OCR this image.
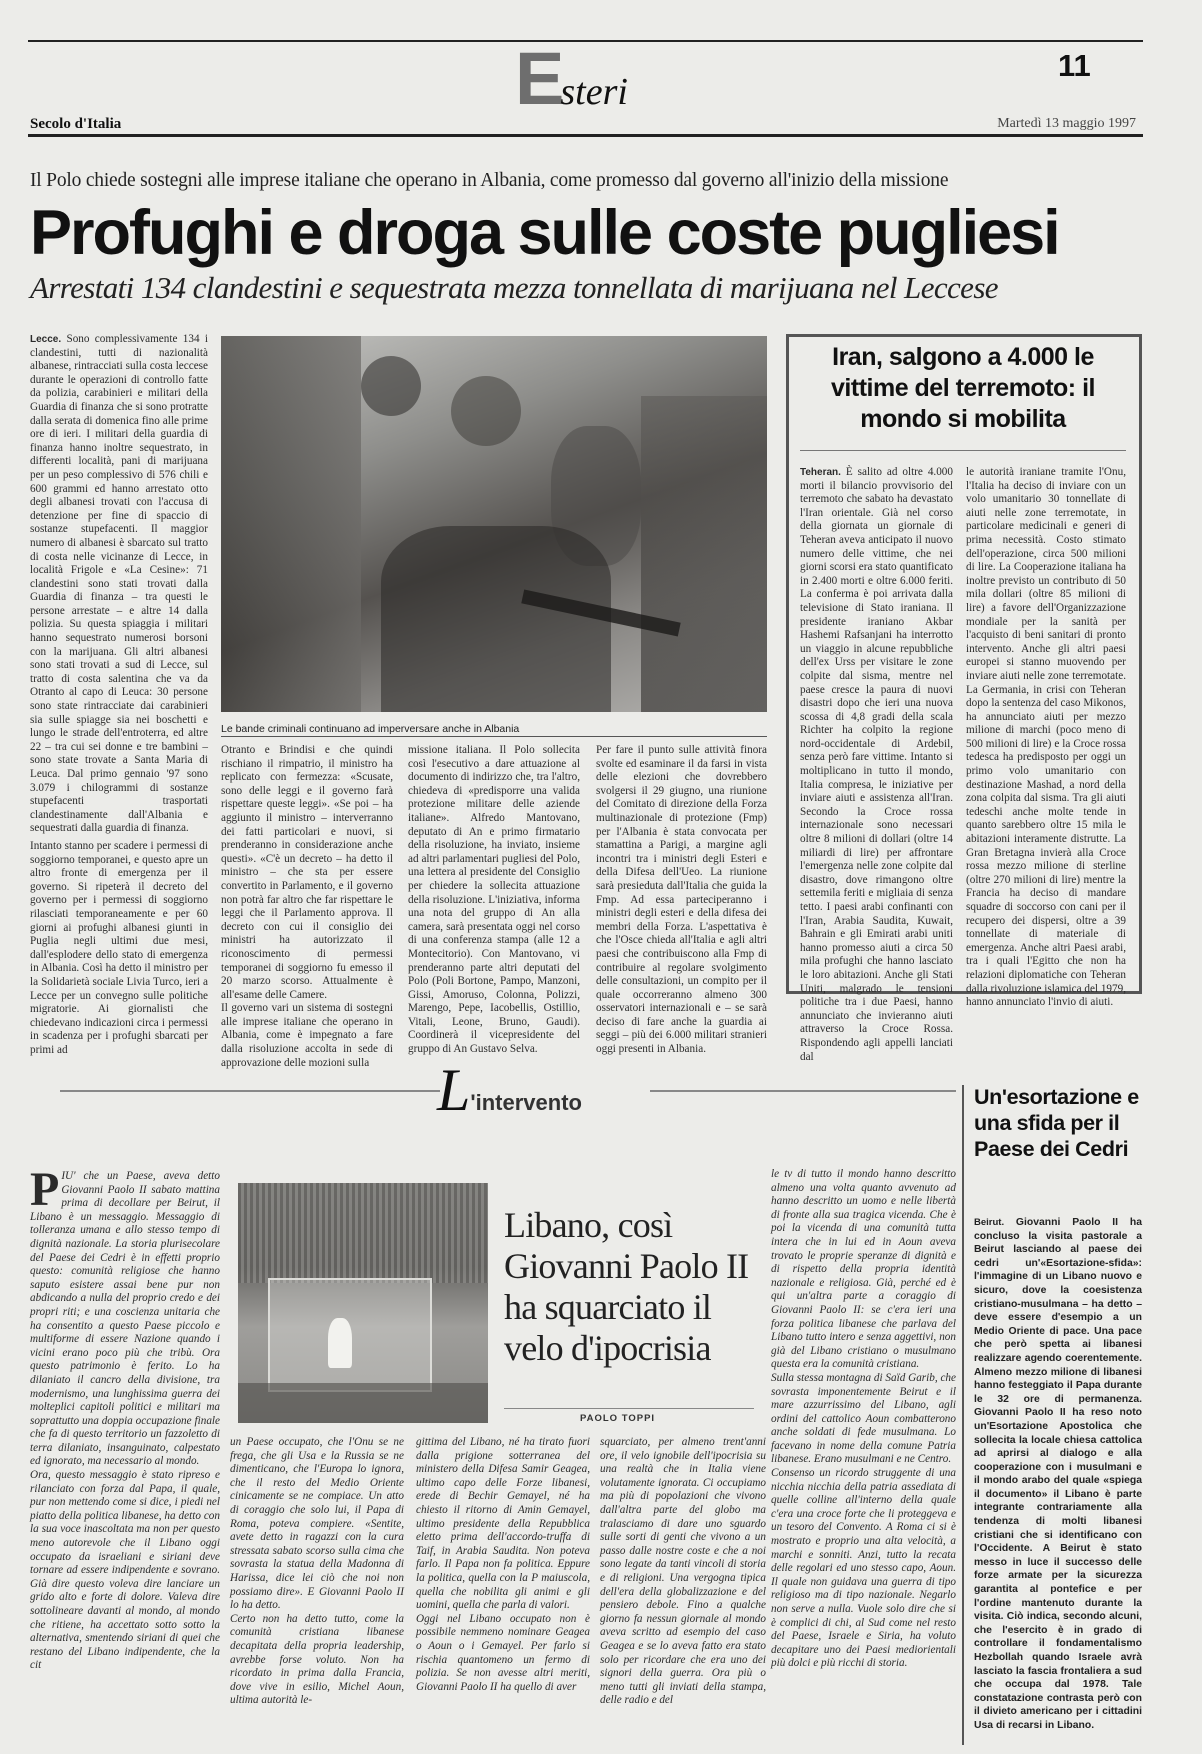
Esteri
11
Secolo d'Italia	Martedì 13 maggio 1997
Il Polo chiede sostegni alle imprese italiane che operano in Albania, come promesso dal governo all'inizio della missione
Profughi e droga sulle coste pugliesi
Arrestati 134 clandestini e sequestrata mezza tonnellata di marijuana nel Leccese

Lecce. Sono complessivamente 134 i clandestini, tutti di nazionalità albanese, rintracciati sulla costa leccese durante le operazioni di controllo fatte da polizia, carabinieri e militari della Guardia di finanza che si sono protratte dalla serata di domenica fino alle prime ore di ieri. I militari della guardia di finanza hanno inoltre sequestrato, in differenti località, pani di marijuana per un peso complessivo di 576 chili e 600 grammi ed hanno arrestato otto degli albanesi trovati con l'accusa di detenzione per fine di spaccio di sostanze stupefacenti. Il maggior numero di albanesi è sbarcato sul tratto di costa nelle vicinanze di Lecce, in località Frigole e «La Cesine»: 71 clandestini sono stati trovati dalla Guardia di finanza – tra questi le persone arrestate – e altre 14 dalla polizia. Su questa spiaggia i militari hanno sequestrato numerosi borsoni con la marijuana. Gli altri albanesi sono stati trovati a sud di Lecce, sul tratto di costa salentina che va da Otranto al capo di Leuca: 30 persone sono state rintracciate dai carabinieri sia sulle spiagge sia nei boschetti e lungo le strade dell'entroterra, ed altre 22 – tra cui sei donne e tre bambini – sono state trovate a Santa Maria di Leuca. Dal primo gennaio '97 sono 3.079 i chilogrammi di sostanze stupefacenti trasportati clandestinamente dall'Albania e sequestrati dalla guardia di finanza.

Intanto stanno per scadere i permessi di soggiorno temporanei, e questo apre un altro fronte di emergenza per il governo. Si ripeterà il decreto del governo per i permessi di soggiorno rilasciati temporaneamente e per 60 giorni ai profughi albanesi giunti in Puglia negli ultimi due mesi, dall'esplodere dello stato di emergenza in Albania. Così ha detto il ministro per la Solidarietà sociale Livia Turco, ieri a Lecce per un convegno sulle politiche migratorie. Ai giornalisti che chiedevano indicazioni circa i permessi in scadenza per i profughi sbarcati per primi ad

Le bande criminali continuano ad imperversare anche in Albania

Otranto e Brindisi e che quindi rischiano il rimpatrio, il ministro ha replicato con fermezza: «Scusate, sono delle leggi e il governo farà rispettare queste leggi». «Se poi – ha aggiunto il ministro – interverranno dei fatti particolari e nuovi, si prenderanno in considerazione anche questi». «C'è un decreto – ha detto il ministro – che sta per essere convertito in Parlamento, e il governo non potrà far altro che far rispettare le leggi che il Parlamento approva. Il decreto con cui il consiglio dei ministri ha autorizzato il riconoscimento di permessi temporanei di soggiorno fu emesso il 20 marzo scorso. Attualmente è all'esame delle Camere.
Il governo vari un sistema di sostegni alle imprese italiane che operano in Albania, come è impegnato a fare dalla risoluzione accolta in sede di approvazione delle mozioni sulla

missione italiana. Il Polo sollecita così l'esecutivo a dare attuazione al documento di indirizzo che, tra l'altro, chiedeva di «predisporre una valida protezione militare delle aziende italiane». Alfredo Mantovano, deputato di An e primo firmatario della risoluzione, ha inviato, insieme ad altri parlamentari pugliesi del Polo, una lettera al presidente del Consiglio per chiedere la sollecita attuazione della risoluzione. L'iniziativa, informa una nota del gruppo di An alla camera, sarà presentata oggi nel corso di una conferenza stampa (alle 12 a Montecitorio). Con Mantovano, vi prenderanno parte altri deputati del Polo (Poli Bortone, Pampo, Manzoni, Gissi, Amoruso, Colonna, Polizzi, Marengo, Pepe, Iacobellis, Ostillio, Vitali, Leone, Bruno, Gaudi). Coordinerà il vicepresidente del gruppo di An Gustavo Selva.

Per fare il punto sulle attività finora svolte ed esaminare il da farsi in vista delle elezioni che dovrebbero svolgersi il 29 giugno, una riunione del Comitato di direzione della Forza multinazionale di protezione (Fmp) per l'Albania è stata convocata per stamattina a Parigi, a margine agli incontri tra i ministri degli Esteri e della Difesa dell'Ueo. La riunione sarà presieduta dall'Italia che guida la Fmp. Ad essa parteciperanno i ministri degli esteri e della difesa dei membri della Forza. L'aspettativa è che l'Osce chieda all'Italia e agli altri paesi che contribuiscono alla Fmp di contribuire al regolare svolgimento delle consultazioni, un compito per il quale occorreranno almeno 300 osservatori internazionali e – se sarà deciso di fare anche la guardia ai seggi – più dei 6.000 militari stranieri oggi presenti in Albania.

Iran, salgono a 4.000 le vittime del terremoto: il mondo si mobilita

Teheran. È salito ad oltre 4.000 morti il bilancio provvisorio del terremoto che sabato ha devastato l'Iran orientale. Già nel corso della giornata un giornale di Teheran aveva anticipato il nuovo numero delle vittime, che nei giorni scorsi era stato quantificato in 2.400 morti e oltre 6.000 feriti. La conferma è poi arrivata dalla televisione di Stato iraniana. Il presidente iraniano Akbar Hashemi Rafsanjani ha interrotto un viaggio in alcune repubbliche dell'ex Urss per visitare le zone colpite dal sisma, mentre nel paese cresce la paura di nuovi disastri dopo che ieri una nuova scossa di 4,8 gradi della scala Richter ha colpito la regione nord-occidentale di Ardebil, senza però fare vittime. Intanto si moltiplicano in tutto il mondo, Italia compresa, le iniziative per inviare aiuti e assistenza all'Iran. Secondo la Croce rossa internazionale sono necessari oltre 8 milioni di dollari (oltre 14 miliardi di lire) per affrontare l'emergenza nelle zone colpite dal disastro, dove rimangono oltre settemila feriti e migliaia di senza tetto. I paesi arabi confinanti con l'Iran, Arabia Saudita, Kuwait, Bahrain e gli Emirati arabi uniti hanno promesso aiuti a circa 50 mila profughi che hanno lasciato le loro abitazioni. Anche gli Stati Uniti, malgrado le tensioni politiche tra i due Paesi, hanno annunciato che invieranno aiuti attraverso la Croce Rossa. Rispondendo agli appelli lanciati dal

le autorità iraniane tramite l'Onu, l'Italia ha deciso di inviare con un volo umanitario 30 tonnellate di aiuti nelle zone terremotate, in particolare medicinali e generi di prima necessità. Costo stimato dell'operazione, circa 500 milioni di lire. La Cooperazione italiana ha inoltre previsto un contributo di 50 mila dollari (oltre 85 milioni di lire) a favore dell'Organizzazione mondiale per la sanità per l'acquisto di beni sanitari di pronto intervento. Anche gli altri paesi europei si stanno muovendo per inviare aiuti nelle zone terremotate. La Germania, in crisi con Teheran dopo la sentenza del caso Mikonos, ha annunciato aiuti per mezzo milione di marchi (poco meno di 500 milioni di lire) e la Croce rossa tedesca ha predisposto per oggi un primo volo umanitario con destinazione Mashad, a nord della zona colpita dal sisma. Tra gli aiuti tedeschi anche molte tende in quanto sarebbero oltre 15 mila le abitazioni interamente distrutte. La Gran Bretagna invierà alla Croce rossa mezzo milione di sterline (oltre 270 milioni di lire) mentre la Francia ha deciso di mandare squadre di soccorso con cani per il recupero dei dispersi, oltre a 39 tonnellate di materiale di emergenza. Anche altri Paesi arabi, tra i quali l'Egitto che non ha relazioni diplomatiche con Teheran dalla rivoluzione islamica del 1979, hanno annunciato l'invio di aiuti.

L'intervento
P IU' che un Paese, aveva detto Giovanni Paolo II sabato mattina prima di decollare per Beirut, il Libano è un messaggio. Messaggio di tolleranza umana e allo stesso tempo di dignità nazionale. La storia plurisecolare del Paese dei Cedri è in effetti proprio questo: comunità religiose che hanno saputo esistere assai bene pur non abdicando a nulla del proprio credo e dei propri riti; e una coscienza unitaria che ha consentito a questo Paese piccolo e multiforme di essere Nazione quando i vicini erano poco più che tribù. Ora questo patrimonio è ferito. Lo ha dilaniato il cancro della divisione, tra modernismo, una lunghissima guerra dei molteplici capitoli politici e militari ma soprattutto una doppia occupazione finale che fa di questo territorio un fazzoletto di terra dilaniato, insanguinato, calpestato ed ignorato, ma necessario al mondo.
Ora, questo messaggio è stato ripreso e rilanciato con forza dal Papa, il quale, pur non mettendo come si dice, i piedi nel piatto della politica libanese, ha detto con la sua voce inascoltata ma non per questo meno autorevole che il Libano oggi occupato da israeliani e siriani deve tornare ad essere indipendente e sovrano. Già dire questo voleva dire lanciare un grido alto e forte di dolore. Valeva dire sottolineare davanti al mondo, al mondo che ritiene, ha accettato sotto sotto la alternativa, smentendo siriani di quei che restano del Libano indipendente, che la cit

Libano, così Giovanni Paolo II ha squarciato il velo d'ipocrisia
PAOLO TOPPI

un Paese occupato, che l'Onu se ne frega, che gli Usa e la Russia se ne dimenticano, che l'Europa lo ignora, che il resto del Medio Oriente cinicamente se ne compiace. Un atto di coraggio che solo lui, il Papa di Roma, poteva compiere. «Sentite, avete detto in ragazzi con la cura stressata sabato scorso sulla cima che sovrasta la statua della Madonna di Harissa, dice lei ciò che noi non possiamo dire». E Giovanni Paolo II lo ha detto.
Certo non ha detto tutto, come la comunità cristiana libanese decapitata della propria leadership, avrebbe forse voluto. Non ha ricordato in prima dalla Francia, dove vive in esilio, Michel Aoun, ultima autorità le-

gittima del Libano, né ha tirato fuori dalla prigione sotterranea del ministero della Difesa Samir Geagea, ultimo capo delle Forze libanesi, erede di Bechir Gemayel, né ha chiesto il ritorno di Amin Gemayel, ultimo presidente della Repubblica eletto prima dell'accordo-truffa di Taif, in Arabia Saudita. Non poteva farlo. Il Papa non fa politica. Eppure la politica, quella con la P maiuscola, quella che nobilita gli animi e gli uomini, quella che parla di valori.
Oggi nel Libano occupato non è possibile nemmeno nominare Geagea o Aoun o i Gemayel. Per farlo si rischia quantomeno un fermo di polizia. Se non avesse altri meriti, Giovanni Paolo II ha quello di aver

squarciato, per almeno trent'anni ore, il velo ignobile dell'ipocrisia su una realtà che in Italia viene volutamente ignorata. Ci occupiamo ma più di popolazioni che vivono dall'altra parte del globo ma tralasciamo di dare uno sguardo sulle sorti di genti che vivono a un passo dalle nostre coste e che a noi sono legate da tanti vincoli di storia e di religioni. Una vergogna tipica dell'era della globalizzazione e del pensiero debole. Fino a qualche giorno fa nessun giornale al mondo aveva scritto ad esempio del caso Geagea e se lo aveva fatto era stato solo per ricordare che era uno dei signori della guerra. Ora più o meno tutti gli inviati della stampa, delle radio e del

le tv di tutto il mondo hanno descritto almeno una volta quanto avvenuto ad hanno descritto un uomo e nelle libertà di fronte alla sua tragica vicenda. Che è poi la vicenda di una comunità tutta intera che in lui ed in Aoun aveva trovato le proprie speranze di dignità e di rispetto della propria identità nazionale e religiosa. Già, perché ed è qui un'altra parte a coraggio di Giovanni Paolo II: se c'era ieri una forza politica libanese che parlava del Libano tutto intero e senza aggettivi, non già del Libano cristiano o musulmano questa era la comunità cristiana.
Sulla stessa montagna di Saïd Garib, che sovrasta imponentemente Beirut e il mare azzurrissimo del Libano, agli ordini del cattolico Aoun combatterono anche soldati di fede musulmana. Lo facevano in nome della comune Patria libanese. Erano musulmani e ne Centro.
Consenso un ricordo struggente di una nicchia nicchia della patria assediata di quelle colline all'interno della quale c'era una croce forte che li proteggeva e un tesoro del Convento. A Roma ci si è mostrato e proprio una alta velocità, a marchi e sonniti. Anzi, tutto la recata delle regolari ed uno stesso capo, Aoun. Il quale non guidava una guerra di tipo religioso ma di tipo nazionale. Negarlo non serve a nulla. Vuole solo dire che si è complici di chi, al Sud come nel resto del Paese, Israele e Siria, ha voluto decapitare uno dei Paesi mediorientali più dolci e più ricchi di storia.

Un'esortazione e una sfida per il Paese dei Cedri

Beirut. Giovanni Paolo II ha concluso la visita pastorale a Beirut lasciando al paese dei cedri un'«Esortazione-sfida»: l'immagine di un Libano nuovo e sicuro, dove la coesistenza cristiano-musulmana – ha detto – deve essere d'esempio a un Medio Oriente di pace. Una pace che però spetta ai libanesi realizzare agendo coerentemente. Almeno mezzo milione di libanesi hanno festeggiato il Papa durante le 32 ore di permanenza. Giovanni Paolo II ha reso noto un'Esortazione Apostolica che sollecita la locale chiesa cattolica ad aprirsi al dialogo e alla cooperazione con i musulmani e il mondo arabo del quale «spiega il documento» il Libano è parte integrante contrariamente alla tendenza di molti libanesi cristiani che si identificano con l'Occidente. A Beirut è stato messo in luce il successo delle forze armate per la sicurezza garantita al pontefice e per l'ordine mantenuto durante la visita. Ciò indica, secondo alcuni, che l'esercito è in grado di controllare il fondamentalismo Hezbollah quando Israele avrà lasciato la fascia frontaliera a sud che occupa dal 1978. Tale constatazione contrasta però con il divieto americano per i cittadini Usa di recarsi in Libano.
